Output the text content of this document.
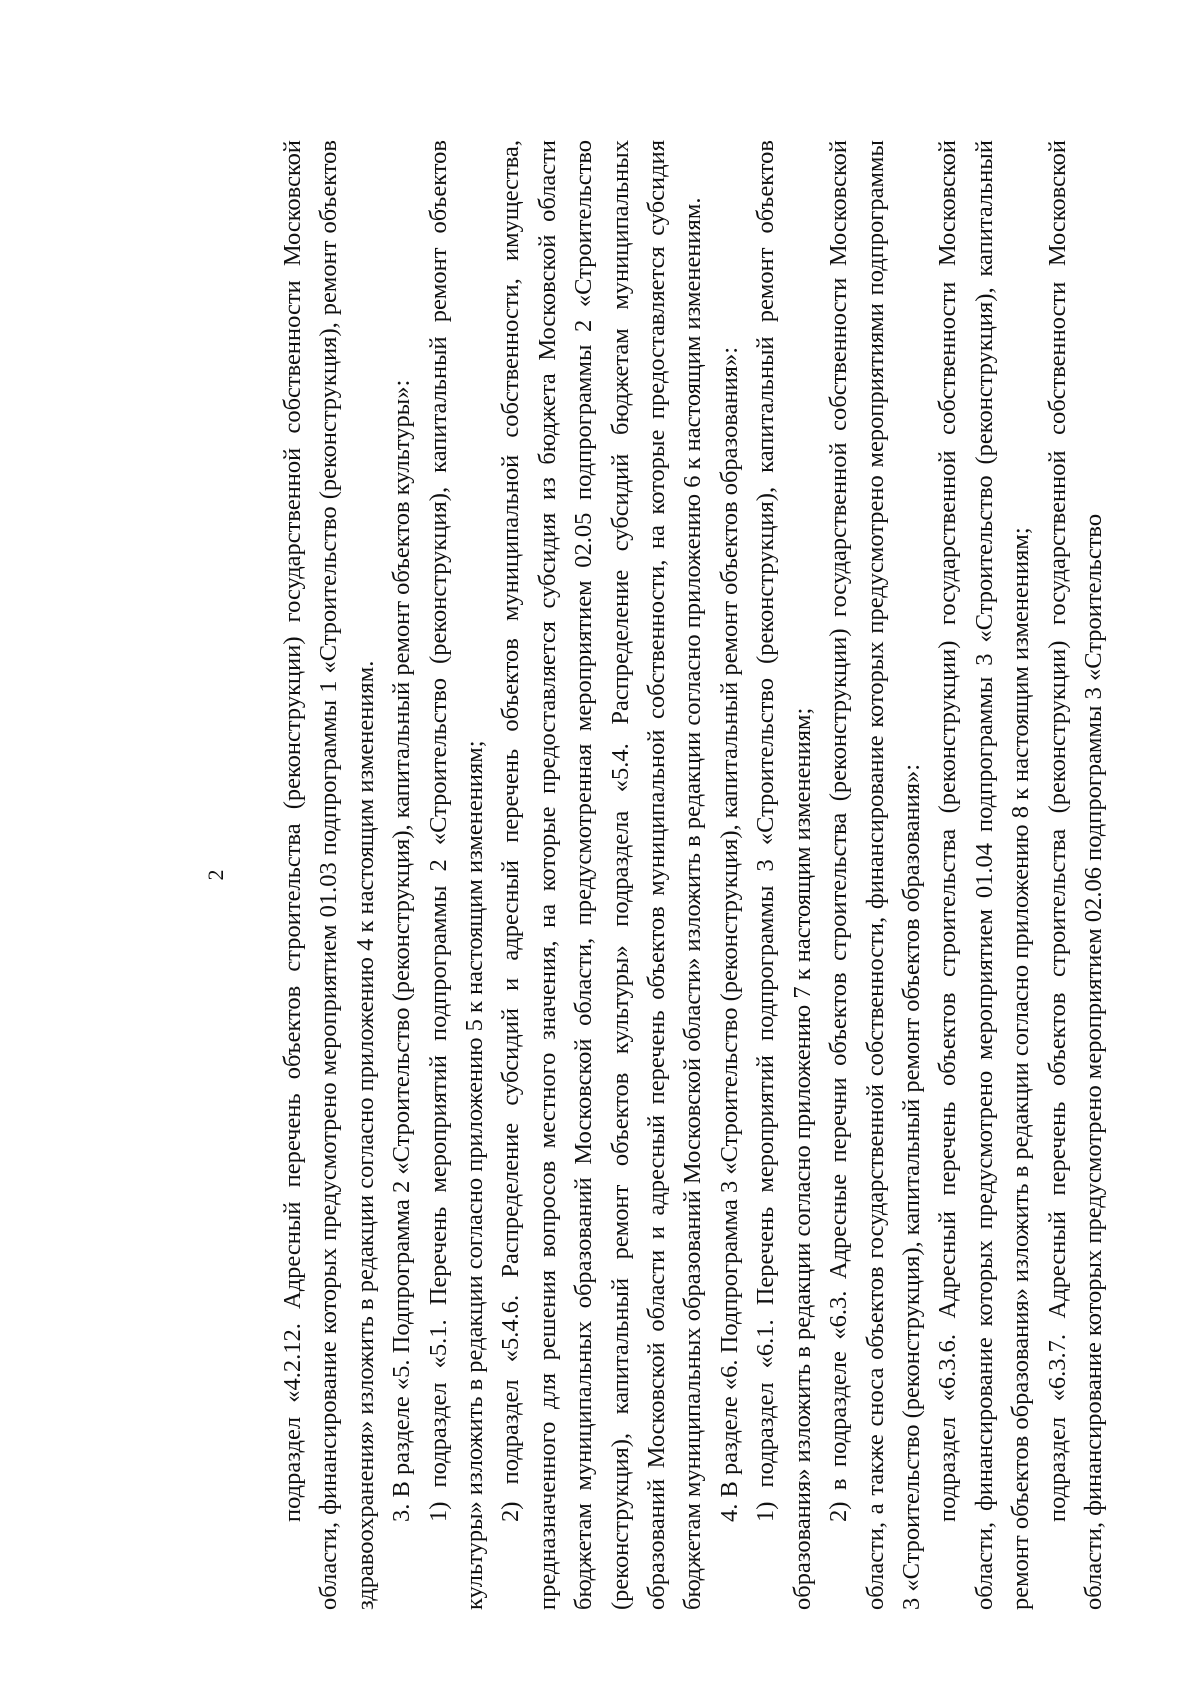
2 подраздел «4.2.12. Адресный перечень объектов строительства (реконструкции) государственной собственности Московской области, финансирование которых предусмотрено мероприятием 01.03 подпрограммы 1 «Строительство (реконструкция), ремонт объектов здравоохранения» изложить в редакции согласно приложению 4 к настоящим изменениям. 3. В разделе «5. Подпрограмма 2 «Строительство (реконструкция), капитальный ремонт объектов культуры»: 1) подраздел «5.1. Перечень мероприятий подпрограммы 2 «Строительство (реконструкция), капитальный ремонт объектов культуры» изложить в редакции согласно приложению 5 к настоящим изменениям; 2) подраздел «5.4.6. Распределение субсидий и адресный перечень объектов муниципальной собственности, имущества, предназначенного для решения вопросов местного значения, на которые предоставляется субсидия из бюджета Московской области бюджетам муниципальных образований Московской области, предусмотренная мероприятием 02.05 подпрограммы 2 «Строительство (реконструкция), капитальный ремонт объектов культуры» подраздела «5.4. Распределение субсидий бюджетам муниципальных образований Московской области и адресный перечень объектов муниципальной собственности, на которые предоставляется субсидия бюджетам муниципальных образований Московской области» изложить в редакции согласно приложению 6 к настоящим изменениям. 4. В разделе «6. Подпрограмма 3 «Строительство (реконструкция), капитальный ремонт объектов образования»: 1) подраздел «6.1. Перечень мероприятий подпрограммы 3 «Строительство (реконструкция), капитальный ремонт объектов образования» изложить в редакции согласно приложению 7 к настоящим изменениям; 2) в подразделе «6.3. Адресные перечни объектов строительства (реконструкции) государственной собственности Московской области, а также сноса объектов государственной собственности, финансирование которых предусмотрено мероприятиями подпрограммы 3 «Строительство (реконструкция), капитальный ремонт объектов образования»: подраздел «6.3.6. Адресный перечень объектов строительства (реконструкции) государственной собственности Московской области, финансирование которых предусмотрено мероприятием 01.04 подпрограммы 3 «Строительство (реконструкция), капитальный ремонт объектов образования» изложить в редакции согласно приложению 8 к настоящим изменениям; подраздел «6.3.7. Адресный перечень объектов строительства (реконструкции) государственной собственности Московской области, финансирование которых предусмотрено мероприятием 02.06 подпрограммы 3 «Строительство
